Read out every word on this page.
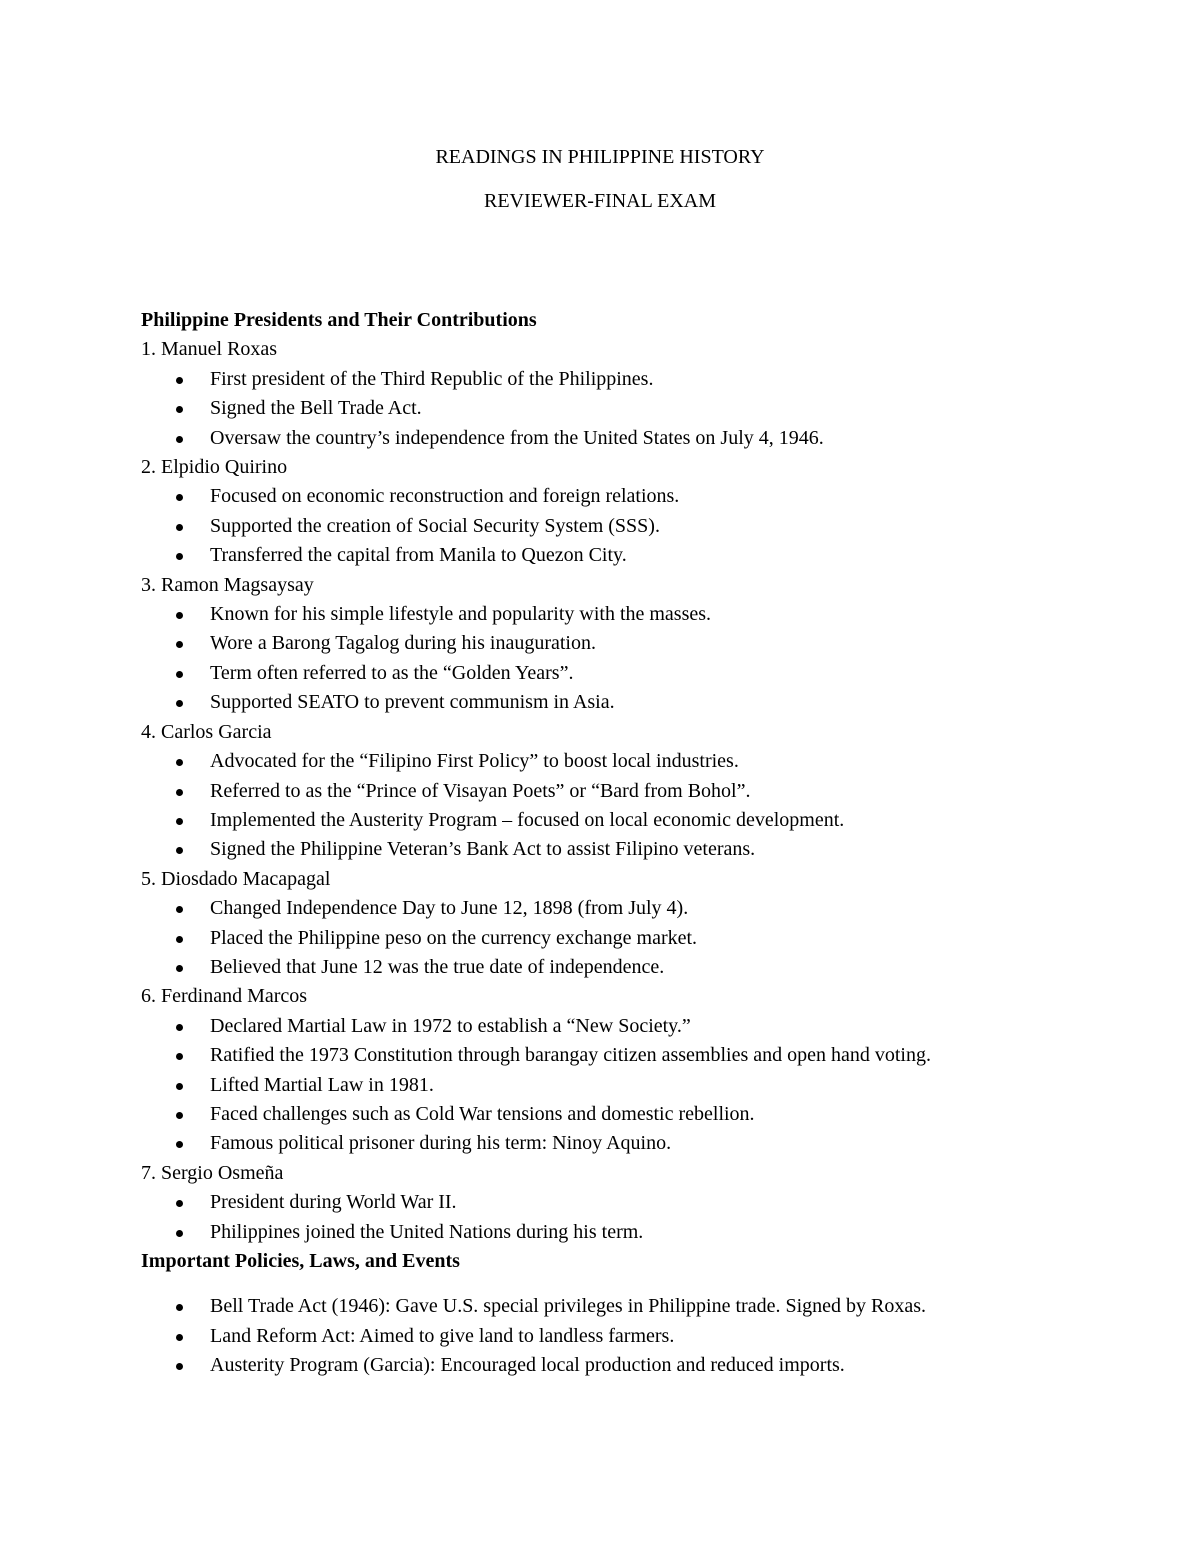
READINGS IN PHILIPPINE HISTORY
REVIEWER-FINAL EXAM

Philippine Presidents and Their Contributions

1. Manuel Roxas

First president of the Third Republic of the Philippines.
Signed the Bell Trade Act.
Oversaw the country’s independence from the United States on July 4, 1946.

2. Elpidio Quirino

Focused on economic reconstruction and foreign relations.
Supported the creation of Social Security System (SSS).
Transferred the capital from Manila to Quezon City.

3. Ramon Magsaysay

Known for his simple lifestyle and popularity with the masses.
Wore a Barong Tagalog during his inauguration.
Term often referred to as the “Golden Years”.
Supported SEATO to prevent communism in Asia.

4. Carlos Garcia

Advocated for the “Filipino First Policy” to boost local industries.
Referred to as the “Prince of Visayan Poets” or “Bard from Bohol”.
Implemented the Austerity Program – focused on local economic development.
Signed the Philippine Veteran’s Bank Act to assist Filipino veterans.

5. Diosdado Macapagal

Changed Independence Day to June 12, 1898 (from July 4).
Placed the Philippine peso on the currency exchange market.
Believed that June 12 was the true date of independence.

6. Ferdinand Marcos

Declared Martial Law in 1972 to establish a “New Society.”
Ratified the 1973 Constitution through barangay citizen assemblies and open hand voting.
Lifted Martial Law in 1981.
Faced challenges such as Cold War tensions and domestic rebellion.
Famous political prisoner during his term: Ninoy Aquino.

7. Sergio Osmeña

President during World War II.
Philippines joined the United Nations during his term.

Important Policies, Laws, and Events

Bell Trade Act (1946): Gave U.S. special privileges in Philippine trade. Signed by Roxas.
Land Reform Act: Aimed to give land to landless farmers.
Austerity Program (Garcia): Encouraged local production and reduced imports.
